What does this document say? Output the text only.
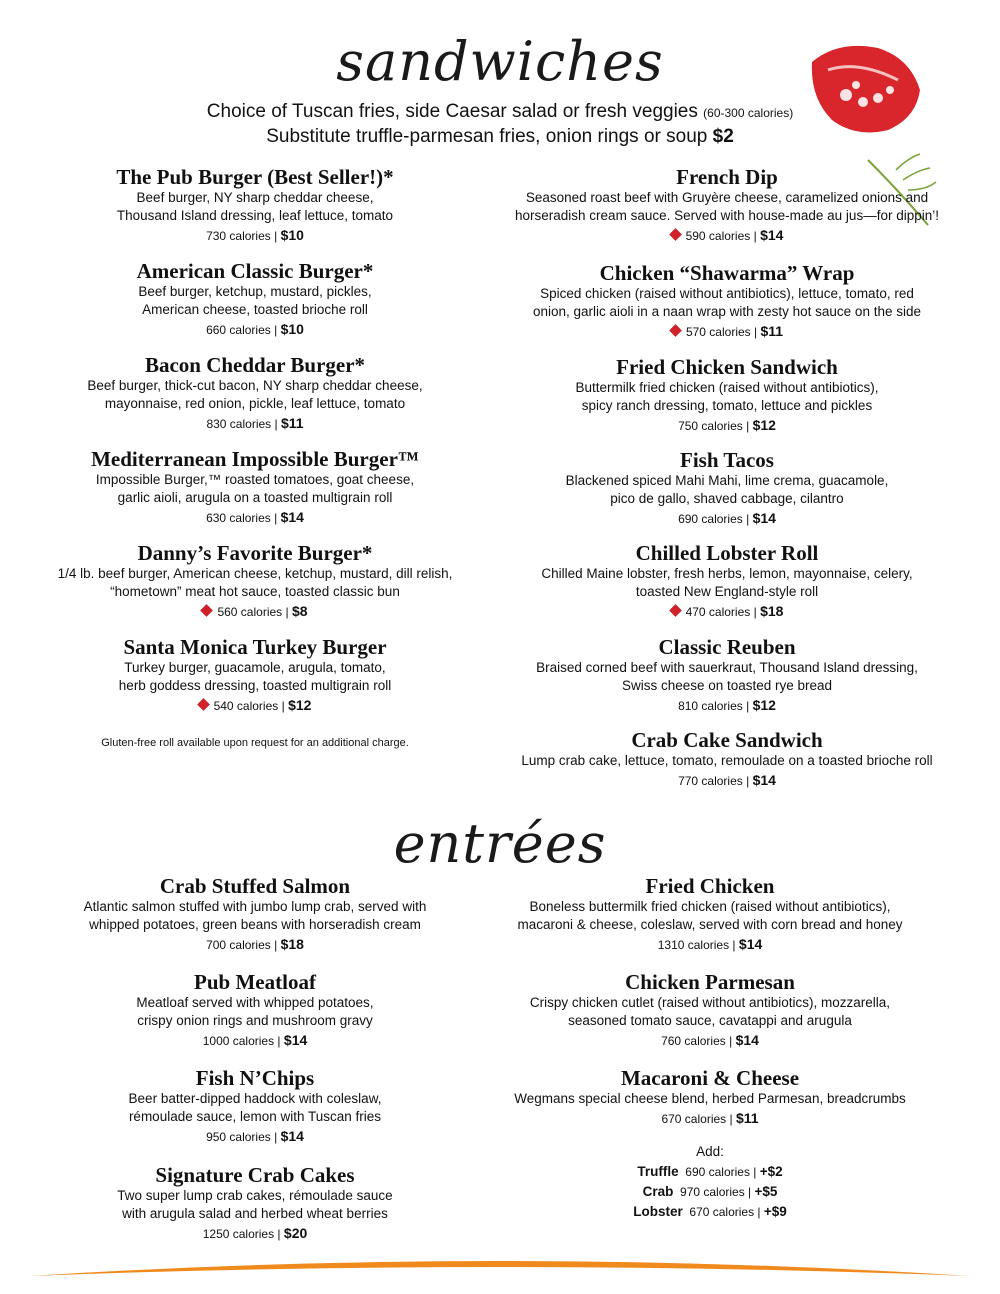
sandwiches
Choice of Tuscan fries, side Caesar salad or fresh veggies (60-300 calories)
Substitute truffle-parmesan fries, onion rings or soup $2
The Pub Burger (Best Seller!)*

Beef burger, NY sharp cheddar cheese,

Thousand Island dressing, leaf lettuce, tomato

730 calories | $10
American Classic Burger*

Beef burger, ketchup, mustard, pickles,

American cheese, toasted brioche roll

660 calories | $10
Bacon Cheddar Burger*

Beef burger, thick-cut bacon, NY sharp cheddar cheese,

mayonnaise, red onion, pickle, leaf lettuce, tomato

830 calories | $11
Mediterranean Impossible Burger™

Impossible Burger,™ roasted tomatoes, goat cheese,

garlic aioli, arugula on a toasted multigrain roll

630 calories | $14
Danny’s Favorite Burger*

1/4 lb. beef burger, American cheese, ketchup, mustard, dill relish,

“hometown” meat hot sauce, toasted classic bun

560 calories | $8
Santa Monica Turkey Burger

Turkey burger, guacamole, arugula, tomato,

herb goddess dressing, toasted multigrain roll

540 calories | $12
Gluten-free roll available upon request for an additional charge.
French Dip

Seasoned roast beef with Gruyère cheese, caramelized onions and

horseradish cream sauce. Served with house-made au jus—for dippin’!

590 calories | $14
Chicken “Shawarma” Wrap

Spiced chicken (raised without antibiotics), lettuce, tomato, red

onion, garlic aioli in a naan wrap with zesty hot sauce on the side

570 calories | $11
Fried Chicken Sandwich

Buttermilk fried chicken (raised without antibiotics),

spicy ranch dressing, tomato, lettuce and pickles

750 calories | $12
Fish Tacos

Blackened spiced Mahi Mahi, lime crema, guacamole,

pico de gallo, shaved cabbage, cilantro

690 calories | $14
Chilled Lobster Roll

Chilled Maine lobster, fresh herbs, lemon, mayonnaise, celery,

toasted New England-style roll

470 calories | $18
Classic Reuben

Braised corned beef with sauerkraut, Thousand Island dressing,

Swiss cheese on toasted rye bread

810 calories | $12
Crab Cake Sandwich

Lump crab cake, lettuce, tomato, remoulade on a toasted brioche roll

770 calories | $14
entrées
Crab Stuffed Salmon

Atlantic salmon stuffed with jumbo lump crab, served with

whipped potatoes, green beans with horseradish cream

700 calories | $18
Pub Meatloaf

Meatloaf served with whipped potatoes,

crispy onion rings and mushroom gravy

1000 calories | $14
Fish N’Chips

Beer batter-dipped haddock with coleslaw,

rémoulade sauce, lemon with Tuscan fries

950 calories | $14
Signature Crab Cakes

Two super lump crab cakes, rémoulade sauce

with arugula salad and herbed wheat berries

1250 calories | $20
Fried Chicken

Boneless buttermilk fried chicken (raised without antibiotics),

macaroni & cheese, coleslaw, served with corn bread and honey

1310 calories | $14
Chicken Parmesan

Crispy chicken cutlet (raised without antibiotics), mozzarella,

seasoned tomato sauce, cavatappi and arugula

760 calories | $14
Macaroni & Cheese

Wegmans special cheese blend, herbed Parmesan, breadcrumbs

670 calories | $11
Add:
Truffle 690 calories | +$2
Crab 970 calories | +$5
Lobster 670 calories | +$9
